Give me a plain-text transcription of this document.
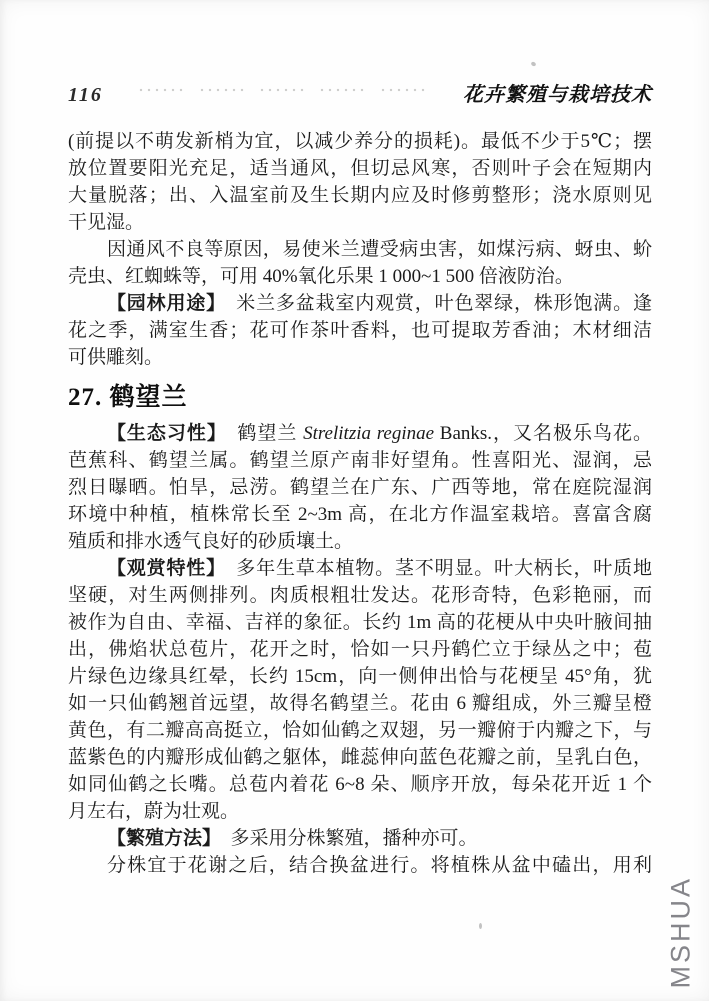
116	花卉繁殖与栽培技术
(前提以不萌发新梢为宜，以减少养分的损耗)。最低不少于5℃；摆
放位置要阳光充足，适当通风，但切忌风寒，否则叶子会在短期内
大量脱落；出、入温室前及生长期内应及时修剪整形；浇水原则见
干见湿。
因通风不良等原因，易使米兰遭受病虫害，如煤污病、蚜虫、蚧
壳虫、红蜘蛛等，可用 40%氧化乐果 1 000~1 500 倍液防治。
【园林用途】　米兰多盆栽室内观赏，叶色翠绿，株形饱满。逢
花之季，满室生香；花可作茶叶香料，也可提取芳香油；木材细洁
可供雕刻。
27. 鹤望兰
【生态习性】　鹤望兰 Strelitzia reginae Banks.，又名极乐鸟花。
芭蕉科、鹤望兰属。鹤望兰原产南非好望角。性喜阳光、湿润，忌
烈日曝晒。怕旱，忌涝。鹤望兰在广东、广西等地，常在庭院湿润
环境中种植，植株常长至 2~3m 高，在北方作温室栽培。喜富含腐
殖质和排水透气良好的砂质壤土。
【观赏特性】　多年生草本植物。茎不明显。叶大柄长，叶质地
坚硬，对生两侧排列。肉质根粗壮发达。花形奇特，色彩艳丽，而
被作为自由、幸福、吉祥的象征。长约 1m 高的花梗从中央叶腋间抽
出，佛焰状总苞片，花开之时，恰如一只丹鹤伫立于绿丛之中；苞
片绿色边缘具红晕，长约 15cm，向一侧伸出恰与花梗呈 45°角，犹
如一只仙鹤翘首远望，故得名鹤望兰。花由 6 瓣组成，外三瓣呈橙
黄色，有二瓣高高挺立，恰如仙鹤之双翅，另一瓣俯于内瓣之下，与
蓝紫色的内瓣形成仙鹤之躯体，雌蕊伸向蓝色花瓣之前，呈乳白色，
如同仙鹤之长嘴。总苞内着花 6~8 朵、顺序开放，每朵花开近 1 个
月左右，蔚为壮观。
【繁殖方法】　多采用分株繁殖，播种亦可。
分株宜于花谢之后，结合换盆进行。将植株从盆中磕出，用利
MSHUA
